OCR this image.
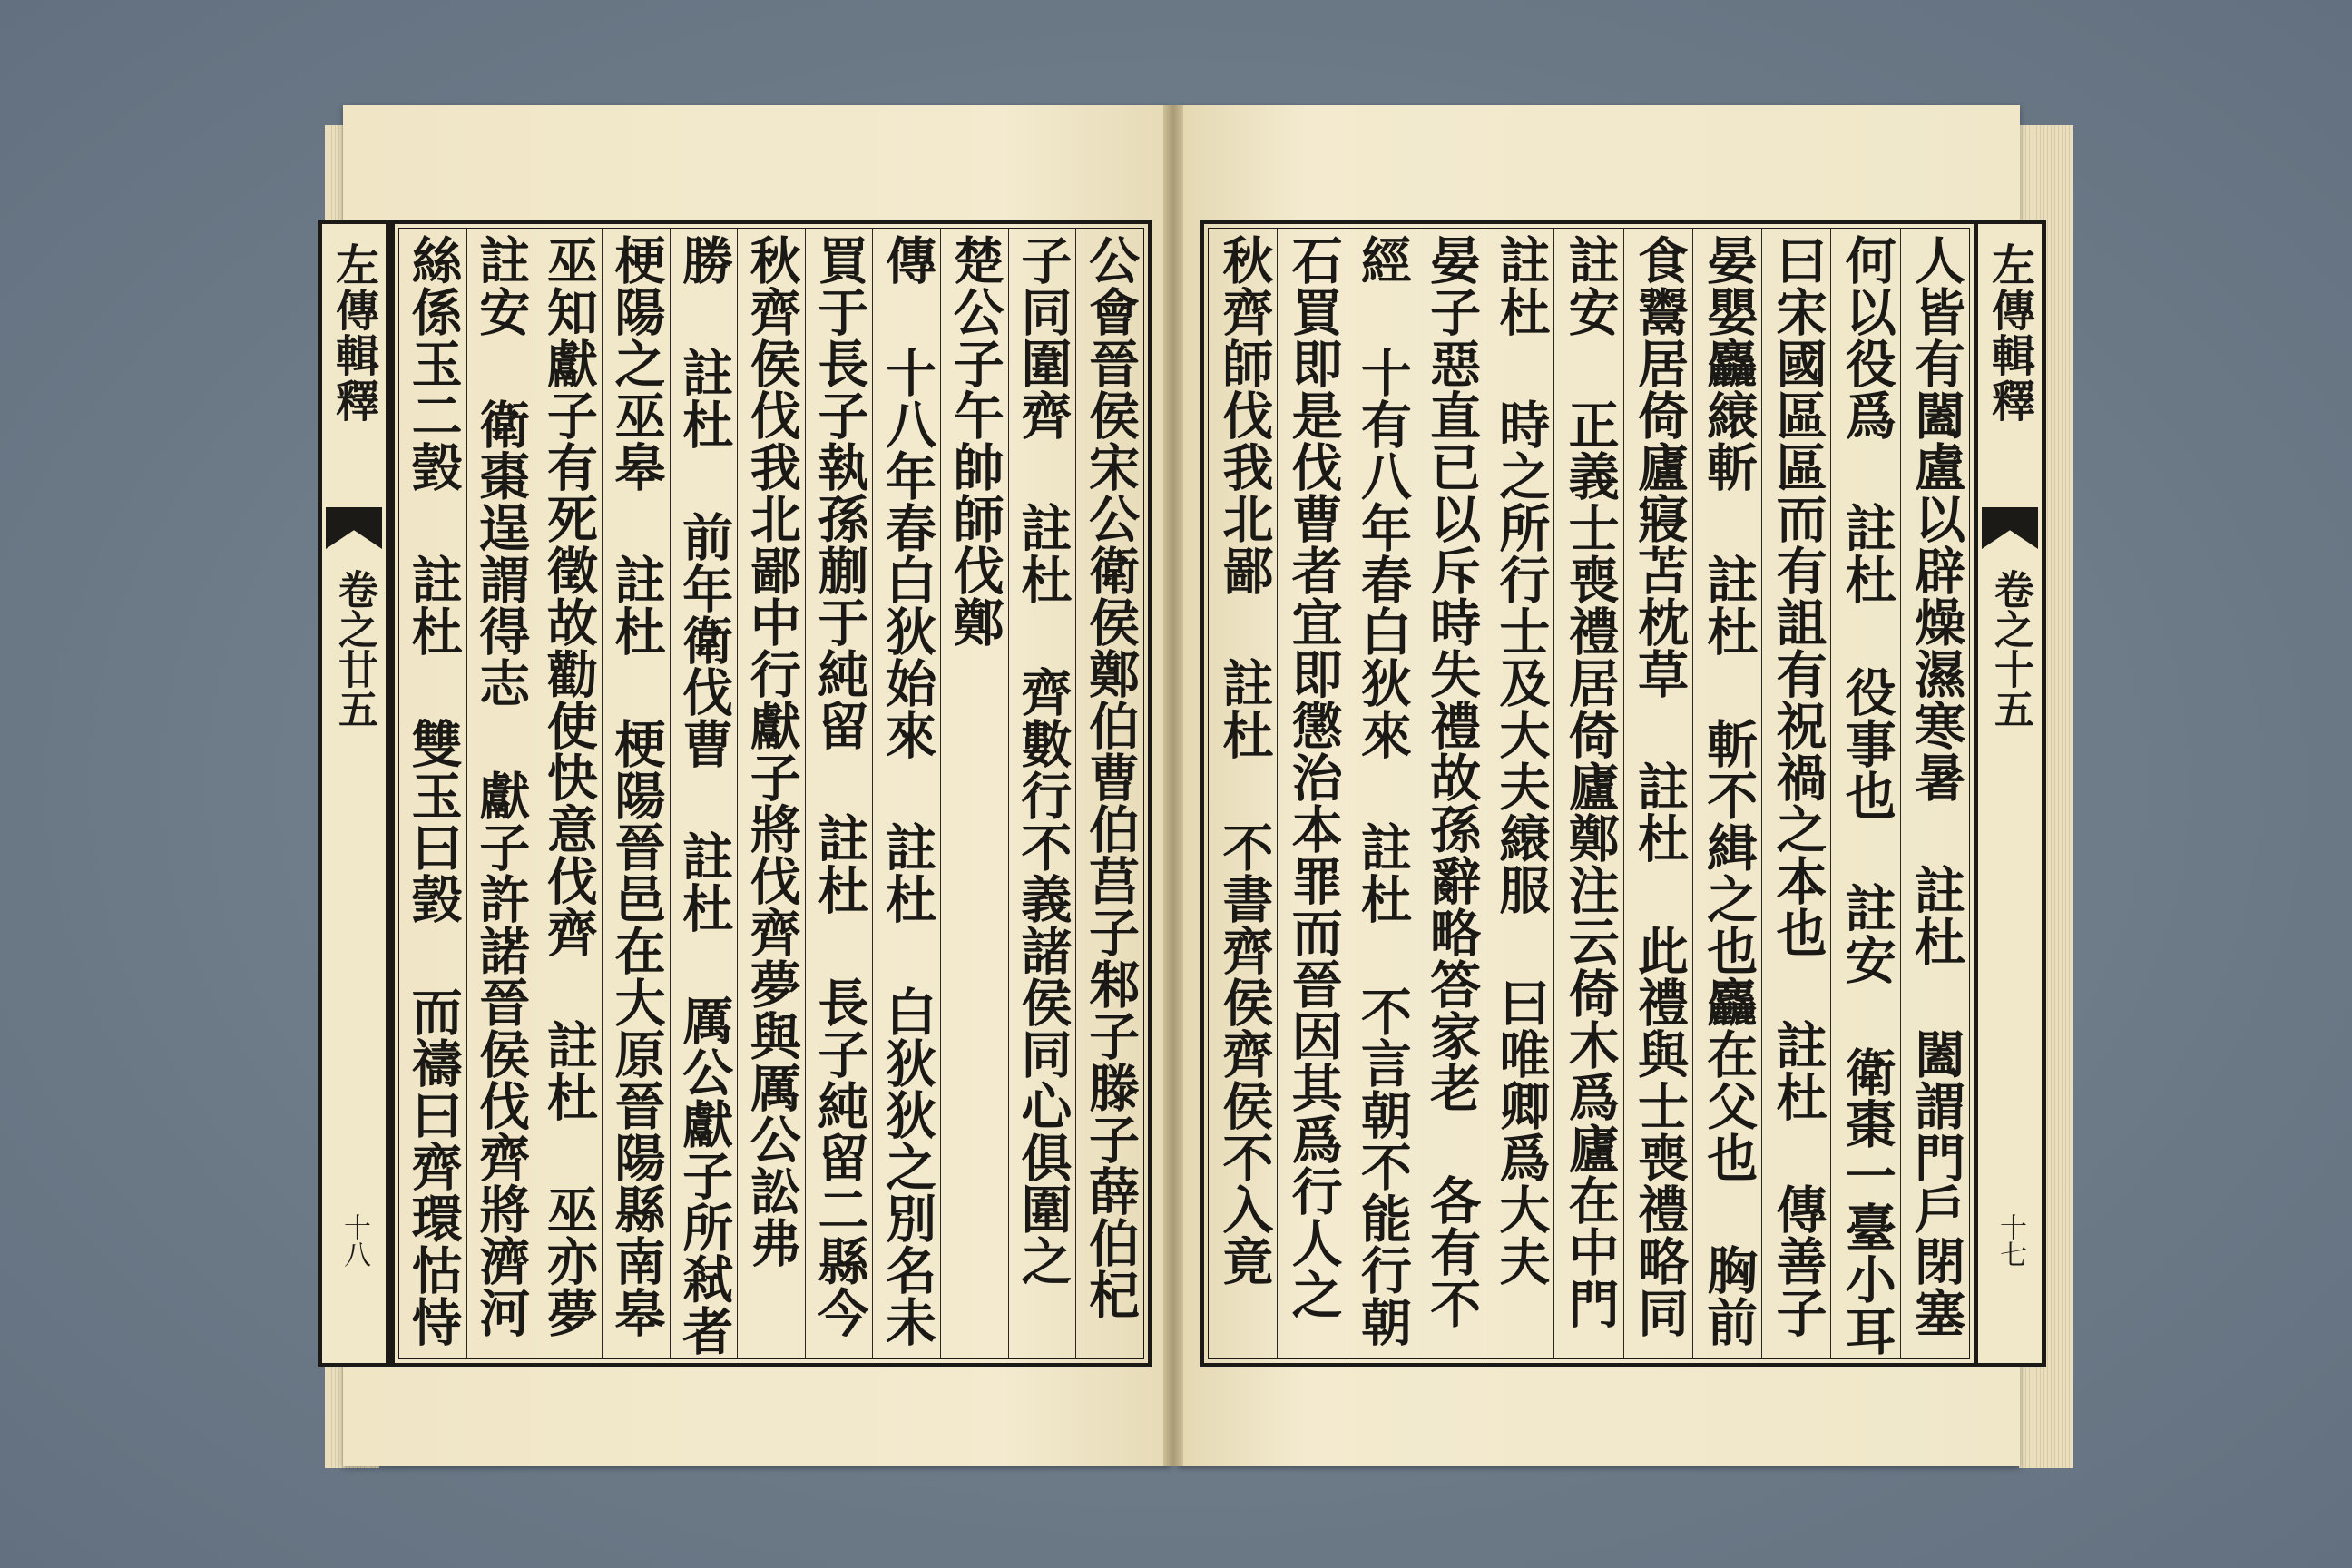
左傳輯釋
卷之廿五
十八
公會晉侯宋公衛侯鄭伯曹伯莒子邾子滕子薛伯杞
子同圍齊 註杜 齊數行不義諸侯同心俱圍之
楚公子午帥師伐鄭
傳 十八年春白狄始來 註杜 白狄狄之別名未
買于長子執孫蒯于純留 註杜 長子純留二縣今
秋齊侯伐我北鄙中行獻子將伐齊夢與厲公訟弗
勝 註杜 前年衛伐曹 註杜 厲公獻子所弒者
梗陽之巫皋 註杜 梗陽晉邑在大原晉陽縣南皋
巫知獻子有死徵故勸使快意伐齊 註杜 巫亦夢
註安 衛棗逞謂得志 獻子許諾晉侯伐齊將濟河
絲係玉二瑴 註杜 雙玉曰瑴 而禱曰齊環怙恃
左傳輯釋
卷之十五
十七
人皆有闔盧以辟燥濕寒暑 註杜 闔謂門戶閉塞
何以役爲 註杜 役事也 註安 衛棗一臺小耳
曰宋國區區而有詛有祝禍之本也 註杜 傳善子
晏嬰麤縗斬 註杜 斬不緝之也麤在父也 胸前
食鬻居倚廬寢苫枕草 註杜 此禮與士喪禮略同
註安 正義士喪禮居倚廬鄭注云倚木爲廬在中門
註杜 時之所行士及大夫縗服 曰唯卿爲大夫
晏子惡直已以斥時失禮故孫辭略答家老 各有不
經 十有八年春白狄來 註杜 不言朝不能行朝
石買即是伐曹者宜即懲治本罪而晉因其爲行人之
秋齊師伐我北鄙 註杜 不書齊侯齊侯不入竟
